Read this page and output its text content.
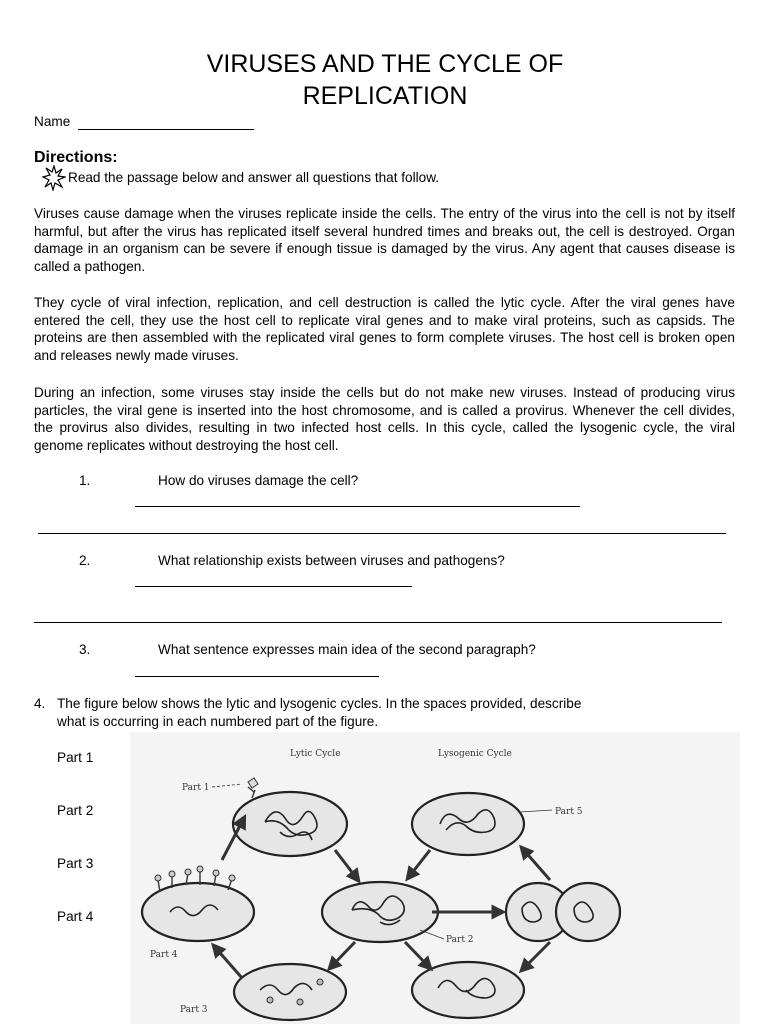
VIRUSES AND THE CYCLE OF
REPLICATION
Name
Directions:
Read the passage below and answer all questions that follow.
Viruses cause damage when the viruses replicate inside the cells. The entry of the virus into the cell is not by itself harmful, but after the virus has replicated itself several hundred times and breaks out, the cell is destroyed. Organ damage in an organism can be severe if enough tissue is damaged by the virus. Any agent that causes disease is called a pathogen.
They cycle of viral infection, replication, and cell destruction is called the lytic cycle. After the viral genes have entered the cell, they use the host cell to replicate viral genes and to make viral proteins, such as capsids. The proteins are then assembled with the replicated viral genes to form complete viruses. The host cell is broken open and releases newly made viruses.
During an infection, some viruses stay inside the cells but do not make new viruses. Instead of producing virus particles, the viral gene is inserted into the host chromosome, and is called a provirus. Whenever the cell divides, the provirus also divides, resulting in two infected host cells. In this cycle, called the lysogenic cycle, the viral genome replicates without destroying the host cell.
1.	How do viruses damage the cell?
2.	What relationship exists between viruses and pathogens?
3.	What sentence expresses main idea of the second paragraph?
4. The figure below shows the lytic and lysogenic cycles. In the spaces provided, describe
what is occurring in each numbered part of the figure.
Part 1
Part 2
Part 3
Part 4
Lytic Cycle	Lysogenic Cycle
Part 1
Part 5
Part 2
Part 4
Part 3
